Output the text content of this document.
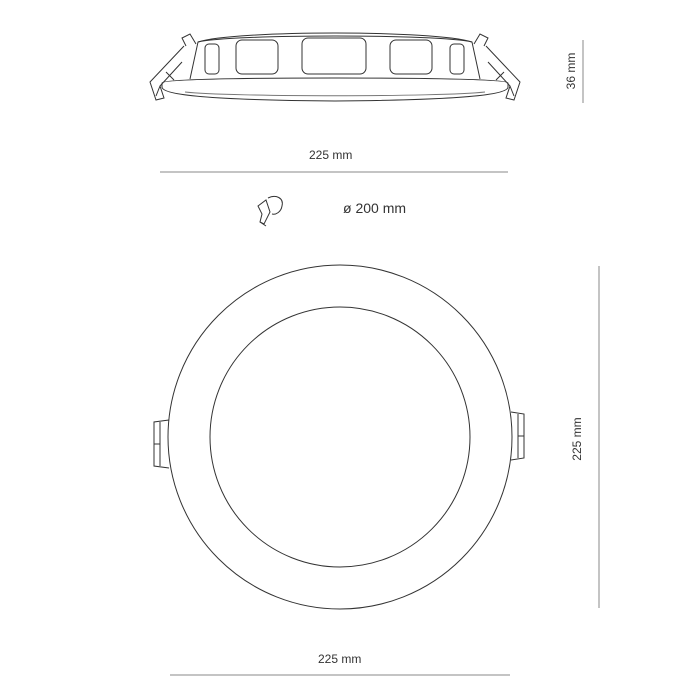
36 mm
225 mm
ø 200 mm
225 mm
225 mm
